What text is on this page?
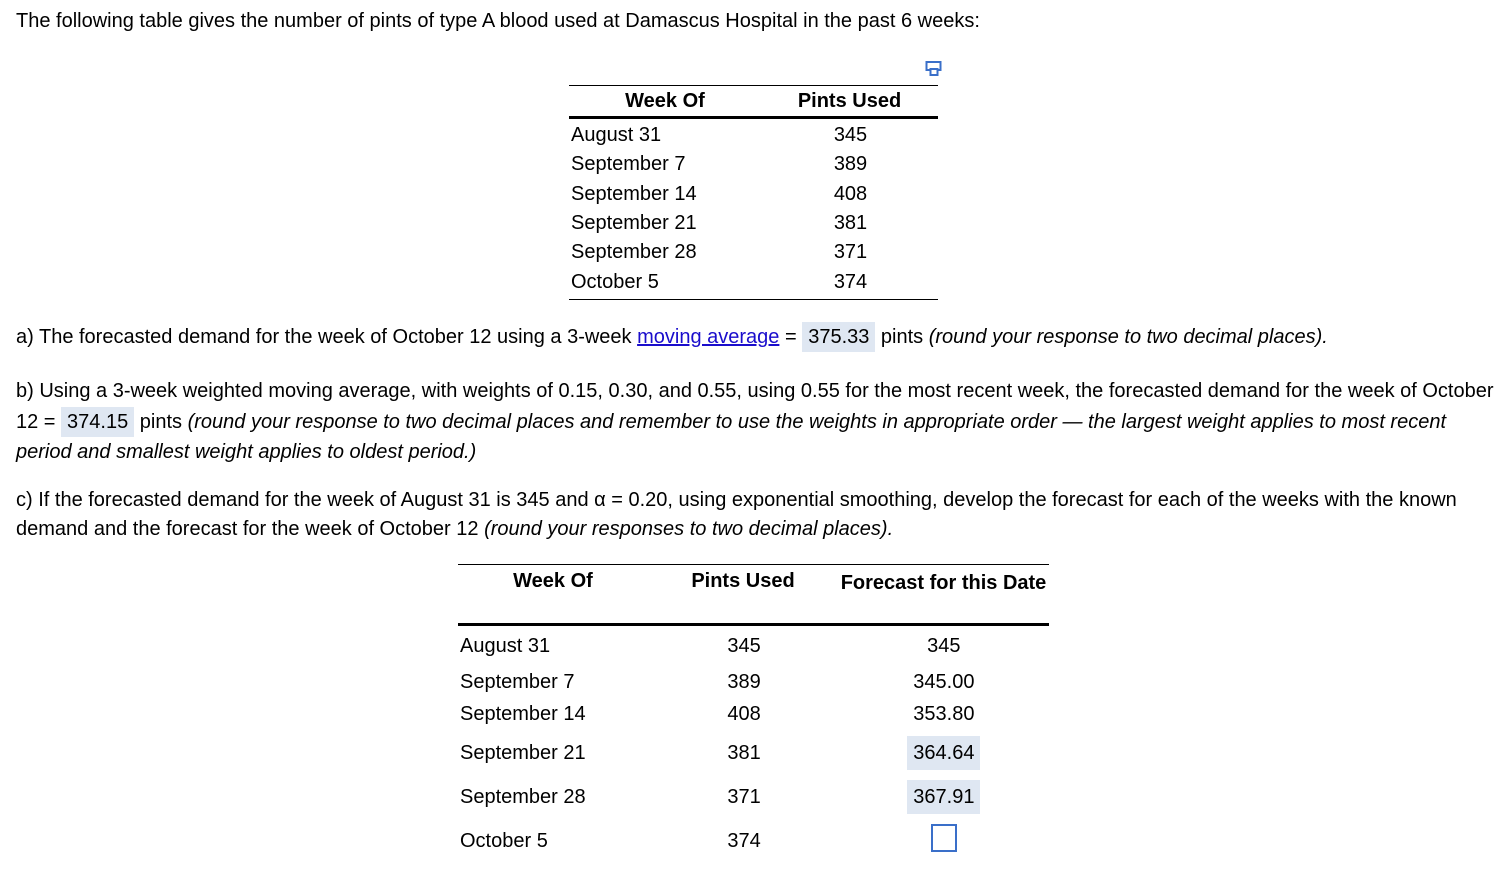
The following table gives the number of pints of type A blood used at Damascus Hospital in the past 6 weeks:

Week Of	Pints Used
August 31	345
September 7	389
September 14	408
September 21	381
September 28	371
October 5	374

a) The forecasted demand for the week of October 12 using a 3-week moving average = 375.33 pints (round your response to two decimal places).

b) Using a 3-week weighted moving average, with weights of 0.15, 0.30, and 0.55, using 0.55 for the most recent week, the forecasted demand for the week of October 12 = 374.15 pints (round your response to two decimal places and remember to use the weights in appropriate order — the largest weight applies to most recent period and smallest weight applies to oldest period.)

c) If the forecasted demand for the week of August 31 is 345 and α = 0.20, using exponential smoothing, develop the forecast for each of the weeks with the known demand and the forecast for the week of October 12 (round your responses to two decimal places).

Week Of	Pints Used	Forecast for this Date
August 31	345	345
September 7	389	345.00
September 14	408	353.80
September 21	381	364.64
September 28	371	367.91
October 5	374
